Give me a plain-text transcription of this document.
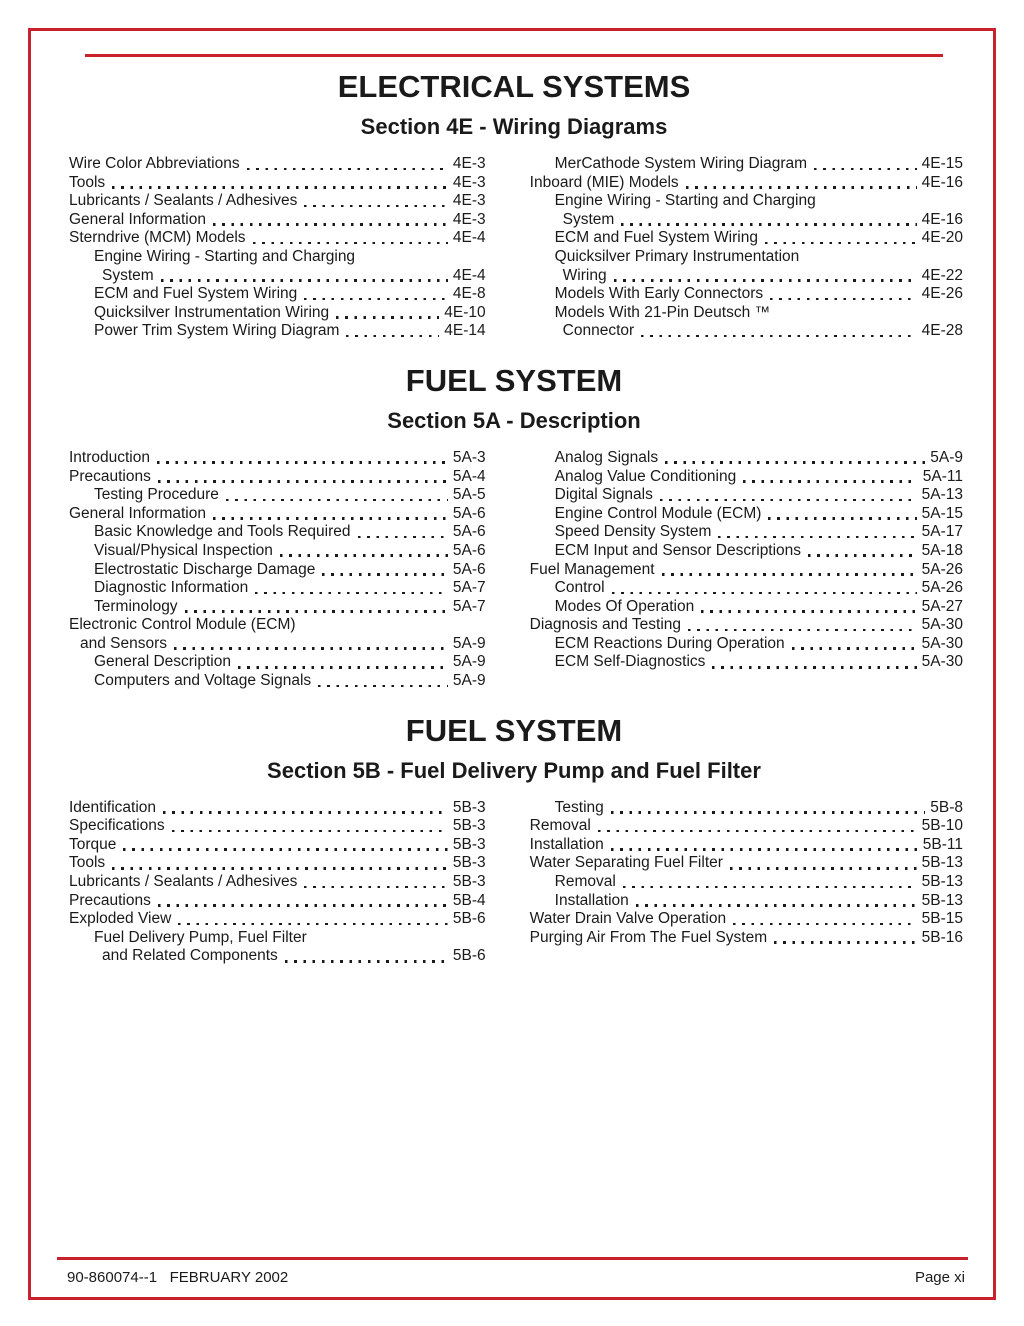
ELECTRICAL SYSTEMS
Section 4E - Wiring Diagrams
Wire Color Abbreviations	4E-3
Tools	4E-3
Lubricants / Sealants / Adhesives	4E-3
General Information	4E-3
Sterndrive (MCM) Models	4E-4
Engine Wiring - Starting and Charging
System	4E-4
ECM and Fuel System Wiring	4E-8
Quicksilver Instrumentation Wiring	4E-10
Power Trim System Wiring Diagram	4E-14
MerCathode System Wiring Diagram	4E-15
Inboard (MIE) Models	4E-16
Engine Wiring - Starting and Charging
System	4E-16
ECM and Fuel System Wiring	4E-20
Quicksilver Primary Instrumentation
Wiring	4E-22
Models With Early Connectors	4E-26
Models With 21-Pin Deutsch ™
Connector	4E-28
FUEL SYSTEM
Section 5A - Description
Introduction	5A-3
Precautions	5A-4
Testing Procedure	5A-5
General Information	5A-6
Basic Knowledge and Tools Required	5A-6
Visual/Physical Inspection	5A-6
Electrostatic Discharge Damage	5A-6
Diagnostic Information	5A-7
Terminology	5A-7
Electronic Control Module (ECM)
and Sensors	5A-9
General Description	5A-9
Computers and Voltage Signals	5A-9
Analog Signals	5A-9
Analog Value Conditioning	5A-11
Digital Signals	5A-13
Engine Control Module (ECM)	5A-15
Speed Density System	5A-17
ECM Input and Sensor Descriptions	5A-18
Fuel Management	5A-26
Control	5A-26
Modes Of Operation	5A-27
Diagnosis and Testing	5A-30
ECM Reactions During Operation	5A-30
ECM Self-Diagnostics	5A-30
FUEL SYSTEM
Section 5B - Fuel Delivery Pump and Fuel Filter
Identification	5B-3
Specifications	5B-3
Torque	5B-3
Tools	5B-3
Lubricants / Sealants / Adhesives	5B-3
Precautions	5B-4
Exploded View	5B-6
Fuel Delivery Pump, Fuel Filter
and Related Components	5B-6
Testing	5B-8
Removal	5B-10
Installation	5B-11
Water Separating Fuel Filter	5B-13
Removal	5B-13
Installation	5B-13
Water Drain Valve Operation	5B-15
Purging Air From The Fuel System	5B-16
90-860074--1   FEBRUARY 2002	Page xi
